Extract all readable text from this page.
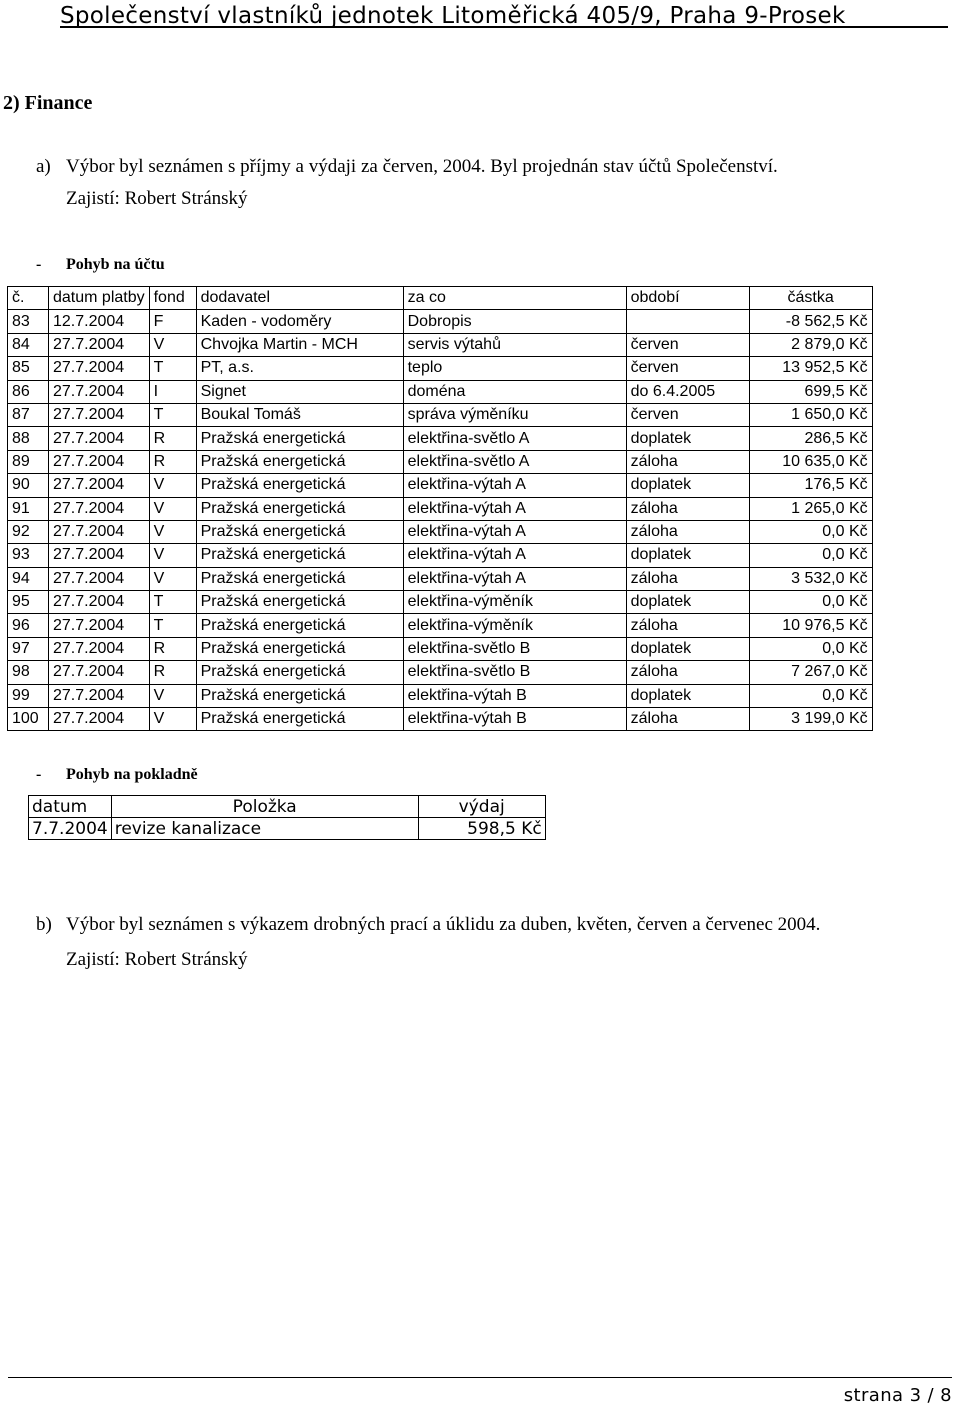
Společenství vlastníků jednotek Litoměřická 405/9, Praha 9-Prosek
2) Finance
a) Výbor byl seznámen s příjmy a výdaji za červen, 2004. Byl projednán stav účtů Společenství.
Zajistí: Robert Stránský
- Pohyb na účtu
č.	datum platby	fond	dodavatel	za co	období	částka
83	12.7.2004	F	Kaden - vodoměry	Dobropis		-8 562,5 Kč
84	27.7.2004	V	Chvojka Martin - MCH	servis výtahů	červen	2 879,0 Kč
85	27.7.2004	T	PT, a.s.	teplo	červen	13 952,5 Kč
86	27.7.2004	I	Signet	doména	do 6.4.2005	699,5 Kč
87	27.7.2004	T	Boukal Tomáš	správa výměníku	červen	1 650,0 Kč
88	27.7.2004	R	Pražská energetická	elektřina-světlo A	doplatek	286,5 Kč
89	27.7.2004	R	Pražská energetická	elektřina-světlo A	záloha	10 635,0 Kč
90	27.7.2004	V	Pražská energetická	elektřina-výtah A	doplatek	176,5 Kč
91	27.7.2004	V	Pražská energetická	elektřina-výtah A	záloha	1 265,0 Kč
92	27.7.2004	V	Pražská energetická	elektřina-výtah A	záloha	0,0 Kč
93	27.7.2004	V	Pražská energetická	elektřina-výtah A	doplatek	0,0 Kč
94	27.7.2004	V	Pražská energetická	elektřina-výtah A	záloha	3 532,0 Kč
95	27.7.2004	T	Pražská energetická	elektřina-výměník	doplatek	0,0 Kč
96	27.7.2004	T	Pražská energetická	elektřina-výměník	záloha	10 976,5 Kč
97	27.7.2004	R	Pražská energetická	elektřina-světlo B	doplatek	0,0 Kč
98	27.7.2004	R	Pražská energetická	elektřina-světlo B	záloha	7 267,0 Kč
99	27.7.2004	V	Pražská energetická	elektřina-výtah B	doplatek	0,0 Kč
100	27.7.2004	V	Pražská energetická	elektřina-výtah B	záloha	3 199,0 Kč
- Pohyb na pokladně
datum	Položka	výdaj
7.7.2004	revize kanalizace	598,5 Kč
b) Výbor byl seznámen s výkazem drobných prací a úklidu za duben, květen, červen a červenec 2004.
Zajistí: Robert Stránský
strana 3 / 8
